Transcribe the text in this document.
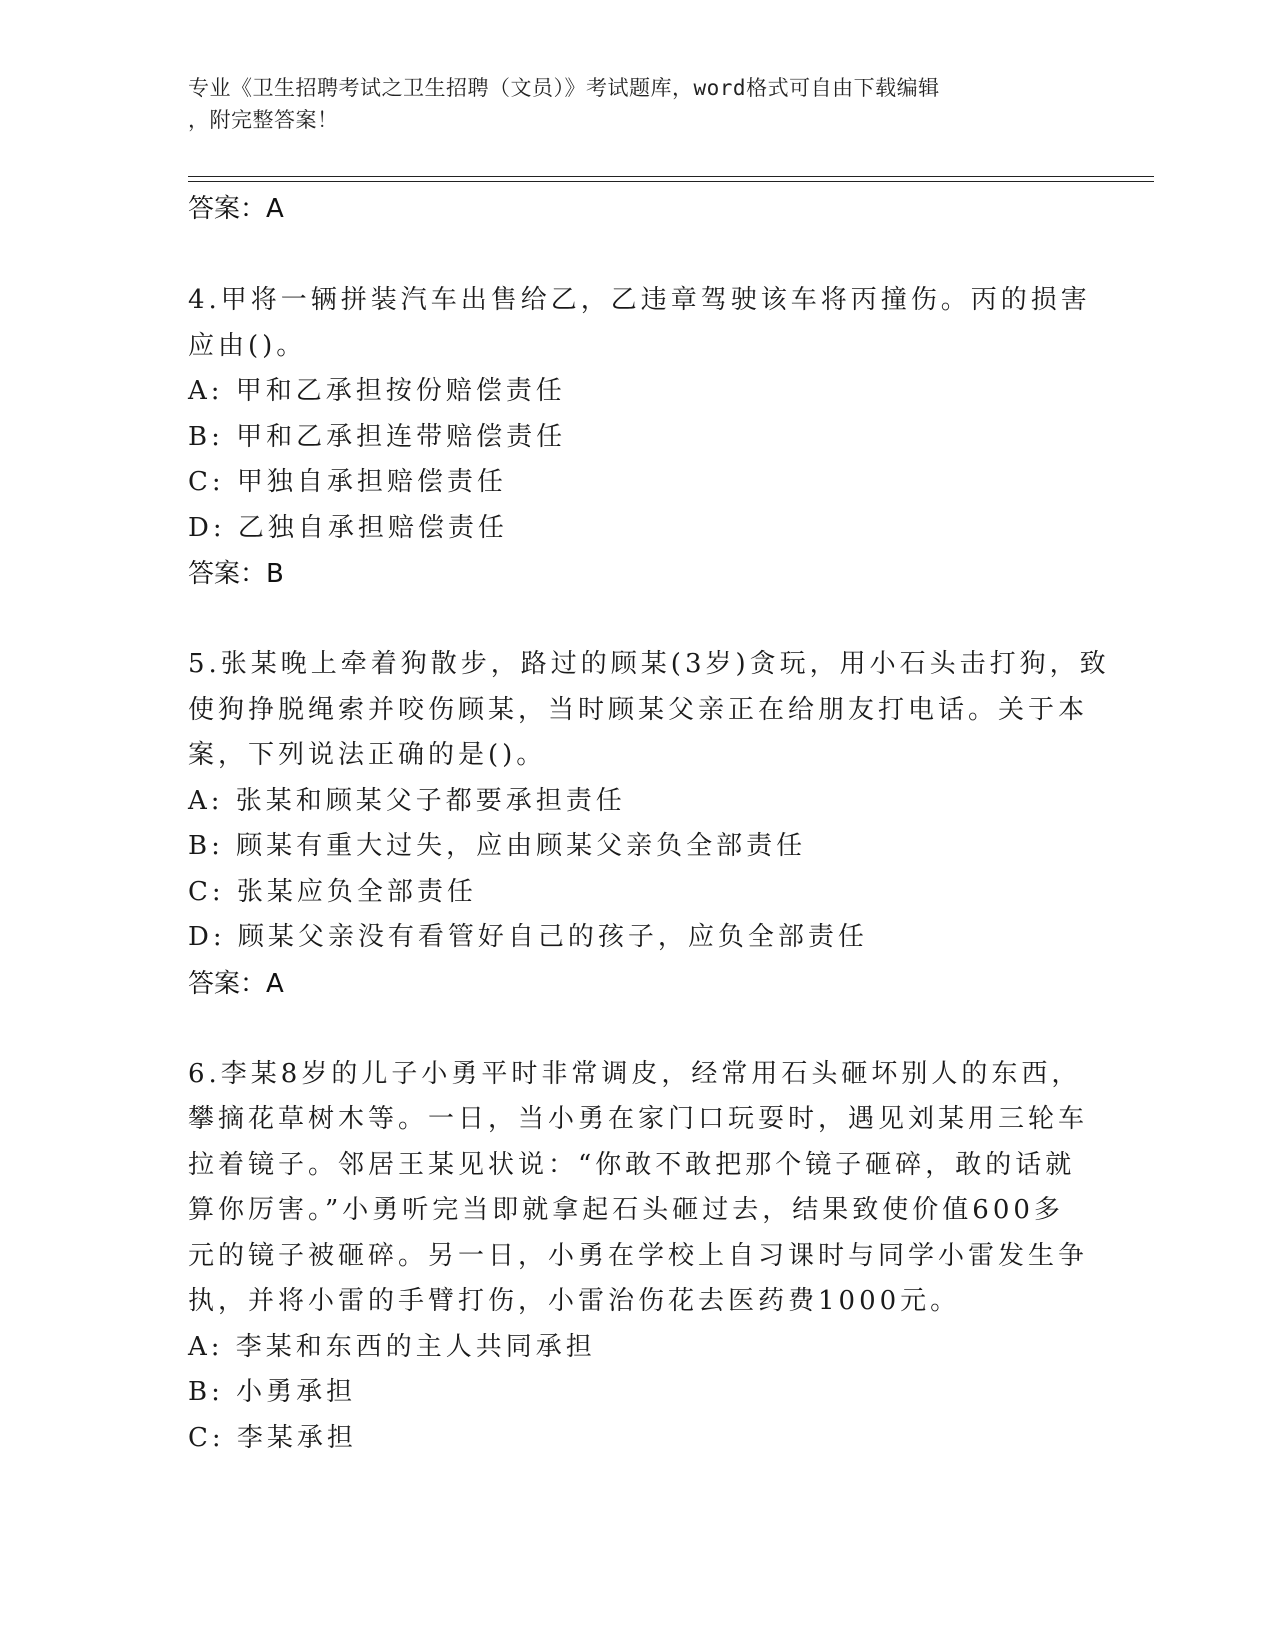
专业《卫生招聘考试之卫生招聘（文员）》考试题库，word格式可自由下载编辑
，附完整答案！
答案：A
4.甲将一辆拼装汽车出售给乙，乙违章驾驶该车将丙撞伤。丙的损害
应由()。
A: 甲和乙承担按份赔偿责任
B: 甲和乙承担连带赔偿责任
C: 甲独自承担赔偿责任
D: 乙独自承担赔偿责任
答案：B
5.张某晚上牵着狗散步，路过的顾某(3岁)贪玩，用小石头击打狗，致
使狗挣脱绳索并咬伤顾某，当时顾某父亲正在给朋友打电话。关于本
案，下列说法正确的是()。
A: 张某和顾某父子都要承担责任
B: 顾某有重大过失，应由顾某父亲负全部责任
C: 张某应负全部责任
D: 顾某父亲没有看管好自己的孩子，应负全部责任
答案：A
6.李某8岁的儿子小勇平时非常调皮，经常用石头砸坏别人的东西，
攀摘花草树木等。一日，当小勇在家门口玩耍时，遇见刘某用三轮车
拉着镜子。邻居王某见状说：“你敢不敢把那个镜子砸碎，敢的话就
算你厉害。”小勇听完当即就拿起石头砸过去，结果致使价值600多
元的镜子被砸碎。另一日，小勇在学校上自习课时与同学小雷发生争
执，并将小雷的手臂打伤，小雷治伤花去医药费1000元。
A: 李某和东西的主人共同承担
B: 小勇承担
C: 李某承担
